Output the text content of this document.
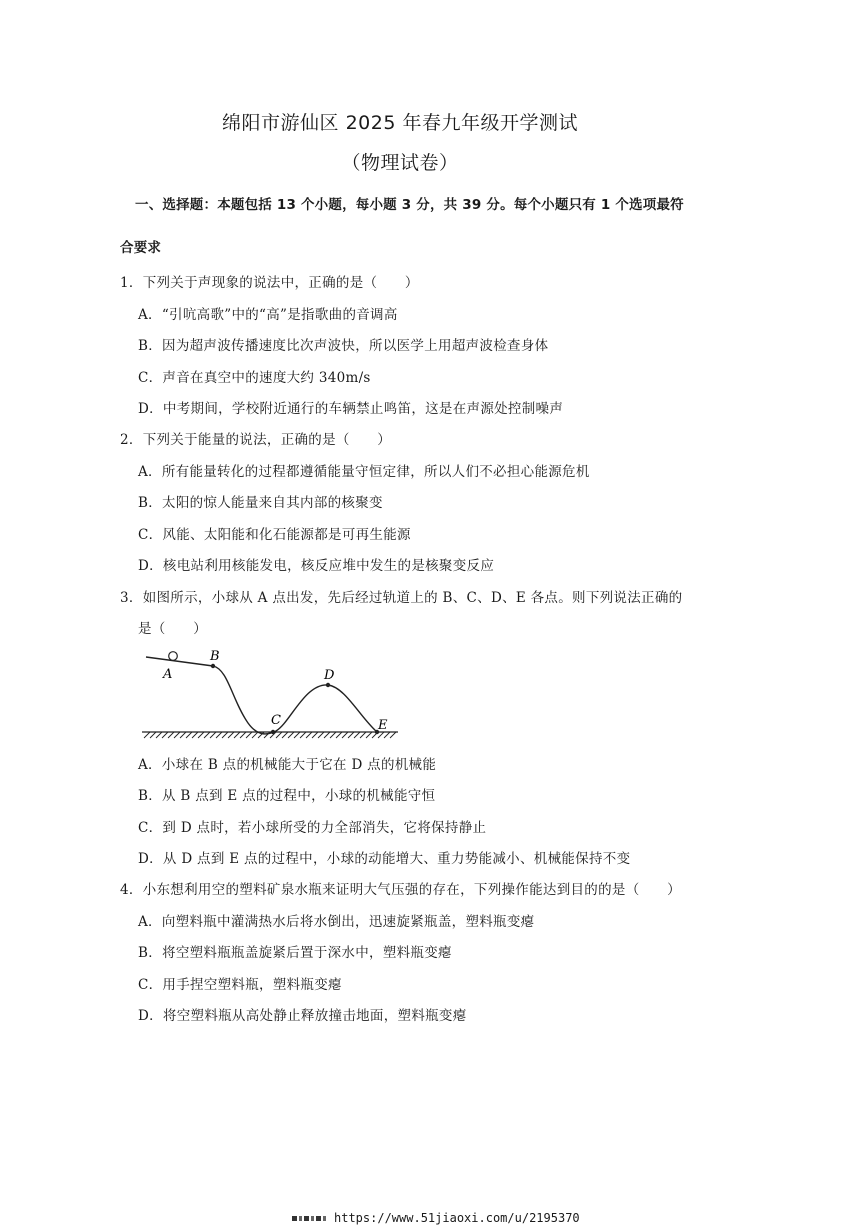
绵阳市游仙区 2025 年春九年级开学测试
（物理试卷）
一、选择题：本题包括 13 个小题，每小题 3 分，共 39 分。每个小题只有 1 个选项最符
合要求
1．下列关于声现象的说法中，正确的是（　　）
A．“引吭高歌”中的“高”是指歌曲的音调高
B．因为超声波传播速度比次声波快，所以医学上用超声波检查身体
C．声音在真空中的速度大约 340m/s
D．中考期间，学校附近通行的车辆禁止鸣笛，这是在声源处控制噪声
2．下列关于能量的说法，正确的是（　　）
A．所有能量转化的过程都遵循能量守恒定律，所以人们不必担心能源危机
B．太阳的惊人能量来自其内部的核聚变
C．风能、太阳能和化石能源都是可再生能源
D．核电站利用核能发电，核反应堆中发生的是核聚变反应
3．如图所示，小球从 A 点出发，先后经过轨道上的 B、C、D、E 各点。则下列说法正确的
是（　　）
A
B
C
D
E
A．小球在 B 点的机械能大于它在 D 点的机械能
B．从 B 点到 E 点的过程中，小球的机械能守恒
C．到 D 点时，若小球所受的力全部消失，它将保持静止
D．从 D 点到 E 点的过程中，小球的动能增大、重力势能减小、机械能保持不变
4．小东想利用空的塑料矿泉水瓶来证明大气压强的存在，下列操作能达到目的的是（　　）
A．向塑料瓶中灌满热水后将水倒出，迅速旋紧瓶盖，塑料瓶变瘪
B．将空塑料瓶瓶盖旋紧后置于深水中，塑料瓶变瘪
C．用手捏空塑料瓶，塑料瓶变瘪
D．将空塑料瓶从高处静止释放撞击地面，塑料瓶变瘪
https://www.51jiaoxi.com/u/2195370
